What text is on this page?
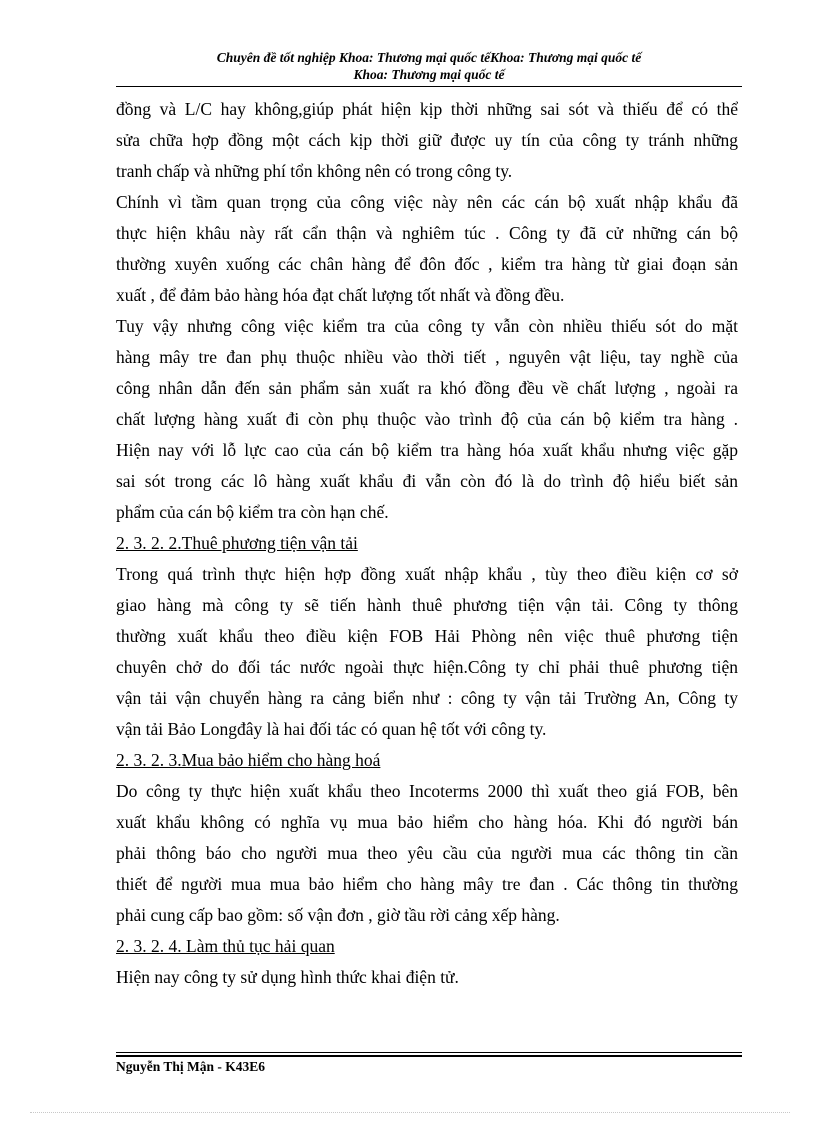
Chuyên đề tốt nghiệp Khoa: Thương mại quốc tếKhoa: Thương mại quốc tế
Khoa: Thương mại quốc tế
đồng và L/C hay không,giúp phát hiện kịp thời những sai sót và thiếu để có thể
sửa chữa hợp đồng một cách kịp thời giữ được uy tín của công ty tránh những
tranh chấp và những phí tổn không nên có trong công ty.
Chính vì tầm quan trọng của công việc này nên các cán bộ xuất nhập khẩu đã
thực hiện khâu này rất cẩn thận và nghiêm túc . Công ty đã cử những cán bộ
thường xuyên xuống các chân hàng để đôn đốc , kiểm tra hàng từ giai đoạn sản
xuất , để đảm bảo hàng hóa đạt chất lượng tốt nhất và đồng đều.
Tuy vậy nhưng công việc kiểm tra của công ty vẫn còn nhiều thiếu sót do mặt
hàng mây tre đan phụ thuộc nhiều vào thời tiết , nguyên vật liệu, tay nghề của
công nhân dẫn đến sản phẩm sản xuất ra khó đồng đều về chất lượng , ngoài ra
chất lượng hàng xuất đi còn phụ thuộc vào trình độ của cán bộ kiểm tra hàng .
Hiện nay với lỗ lực cao của cán bộ kiểm tra hàng hóa xuất khẩu nhưng việc gặp
sai sót trong các lô hàng xuất khẩu đi vẫn còn đó là do trình độ hiểu biết sản
phẩm của cán bộ kiểm tra còn hạn chế.
2. 3. 2. 2.Thuê phương tiện vận tải
Trong quá trình thực hiện hợp đồng xuất nhập khẩu , tùy theo điều kiện cơ sở
giao hàng mà công ty sẽ tiến hành thuê phương tiện vận tải. Công ty thông
thường xuất khẩu theo điều kiện FOB Hải Phòng nên việc thuê phương tiện
chuyên chở do đối tác nước ngoài thực hiện.Công ty chỉ phải thuê phương tiện
vận tải vận chuyển hàng ra cảng biển như : công ty vận tải Trường An, Công ty
vận tải Bảo Longđây là hai đối tác có quan hệ tốt với công ty.
2. 3. 2. 3.Mua bảo hiểm cho hàng hoá
Do công ty thực hiện xuất khẩu theo Incoterms 2000 thì xuất theo giá FOB, bên
xuất khẩu không có nghĩa vụ mua bảo hiểm cho hàng hóa. Khi đó người bán
phải thông báo cho người mua theo yêu cầu của người mua các thông tin cần
thiết để người mua mua bảo hiểm cho hàng mây tre đan . Các thông tin thường
phải cung cấp bao gồm: số vận đơn , giờ tầu rời cảng xếp hàng.
2. 3. 2. 4. Làm thủ tục hải quan
Hiện nay công ty sử dụng hình thức khai điện tử.
Nguyễn Thị Mận - K43E6
